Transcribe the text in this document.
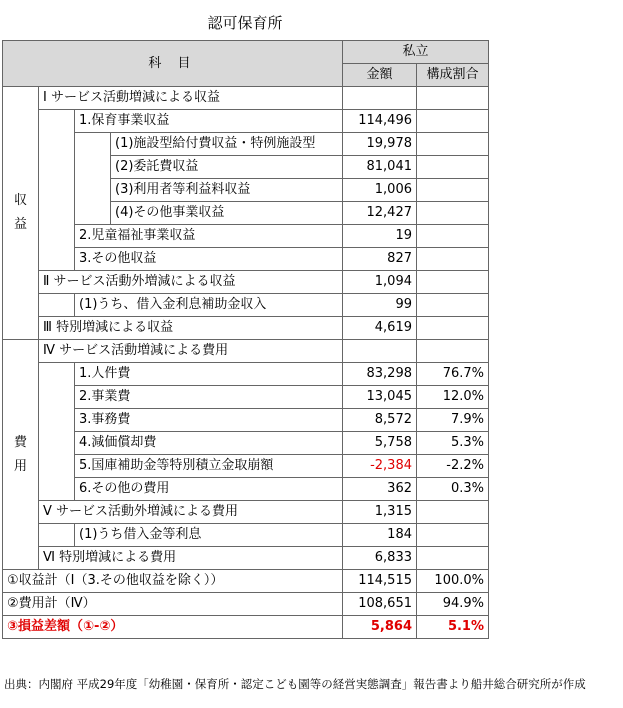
認可保育所
科 目				私立	
				金額	構成割合
収
益	Ⅰ サービス活動増減による収益				
		1.保育事業収益		114,496	
			(1)施設型給付費収益・特例施設型	19,978	
			(2)委託費収益	81,041	
			(3)利用者等利益料収益	1,006	
			(4)その他事業収益	12,427	
		2.児童福祉事業収益		19	
		3.その他収益		827	
	Ⅱ サービス活動外増減による収益			1,094	
		(1)うち、借入金利息補助金収入		99	
	Ⅲ 特別増減による収益			4,619	
費
用	Ⅳ サービス活動増減による費用				
		1.人件費		83,298	76.7%
		2.事業費		13,045	12.0%
		3.事務費		8,572	7.9%
		4.減価償却費		5,758	5.3%
		5.国庫補助金等特別積立金取崩額		-2,384	-2.2%
		6.その他の費用		362	0.3%
	Ⅴ サービス活動外増減による費用			1,315	
		(1)うち借入金等利息		184	
	Ⅵ 特別増減による費用			6,833	
①収益計（Ⅰ（3.その他収益を除く））				114,515	100.0%
②費用計（Ⅳ）				108,651	94.9%
③損益差額（①-②）				5,864	5.1%
出典：内閣府 平成29年度「幼稚園・保育所・認定こども園等の経営実態調査」報告書より船井総合研究所が作成
